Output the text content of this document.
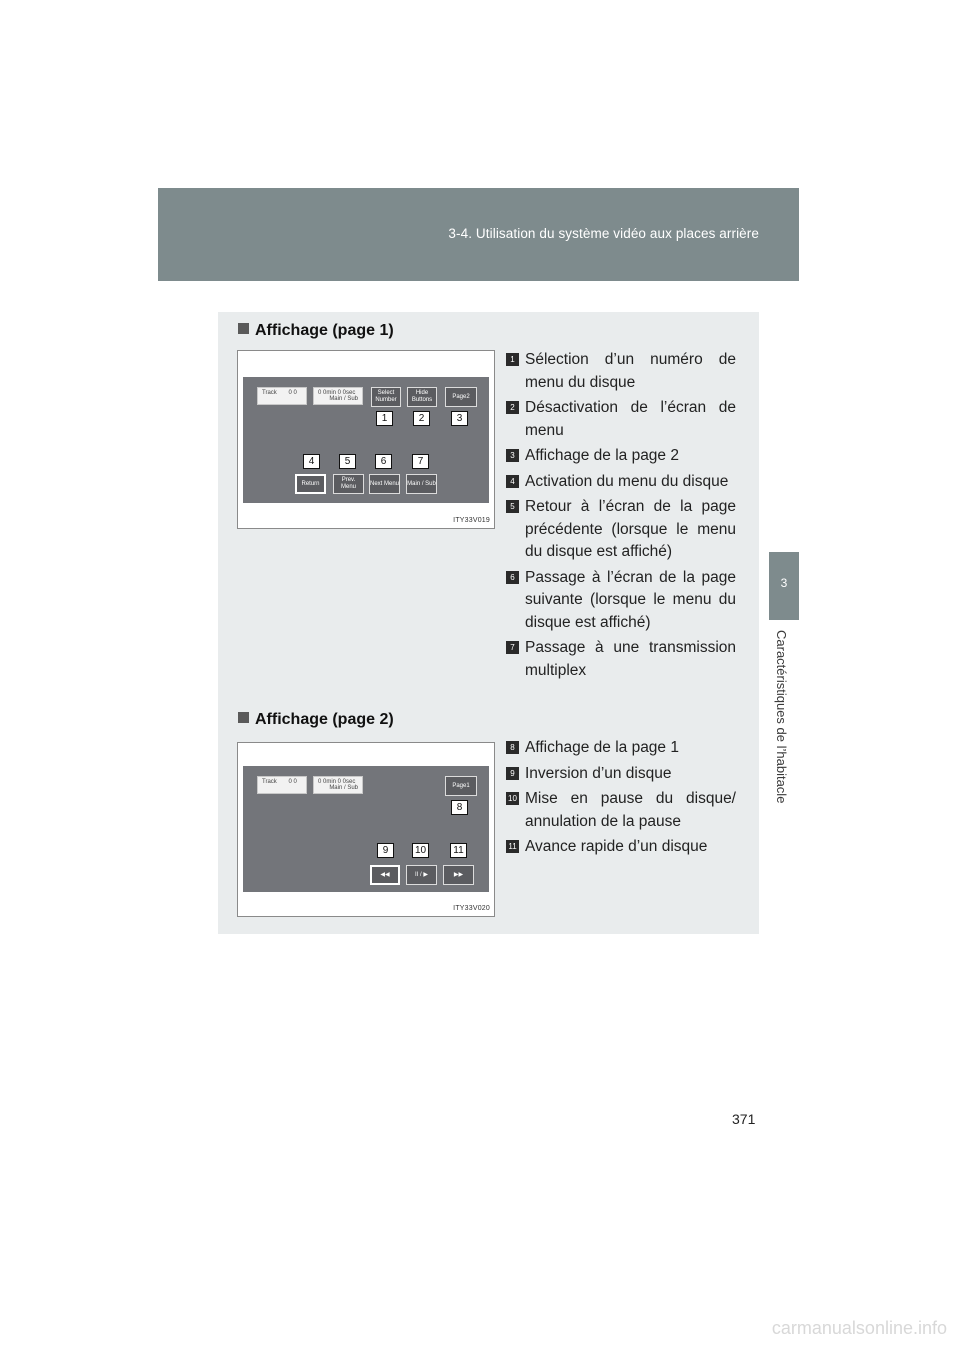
3-4. Utilisation du système vidéo aux places arrière
3
Caractéristiques de l’habitacle
Affichage (page 1)
Track 0 0	0 0min 0 0sec
Main / Sub
Select Number
Hide Buttons
Page2
1	2	3
4	5	6	7
Return
Prev. Menu
Next Menu Main / Sub
ITY33V019
1 Sélection d’un numéro de menu du disque
2 Désactivation de l’écran de menu
3 Affichage de la page 2
4 Activation du menu du disque
5 Retour à l’écran de la page précédente (lorsque le menu du disque est affiché)
6 Passage à l’écran de la page suivante (lorsque le menu du disque est affiché)
7 Passage à une transmission multiplex
Affichage (page 2)
Track 0 0	0 0min 0 0sec
Main / Sub	Page1
8
9	10	11
◀◀	II / ▶	▶▶
ITY33V020
8 Affichage de la page 1
9 Inversion d’un disque
10 Mise en pause du disque/ annulation de la pause
11 Avance rapide d’un disque
371
carmanualsonline.info
